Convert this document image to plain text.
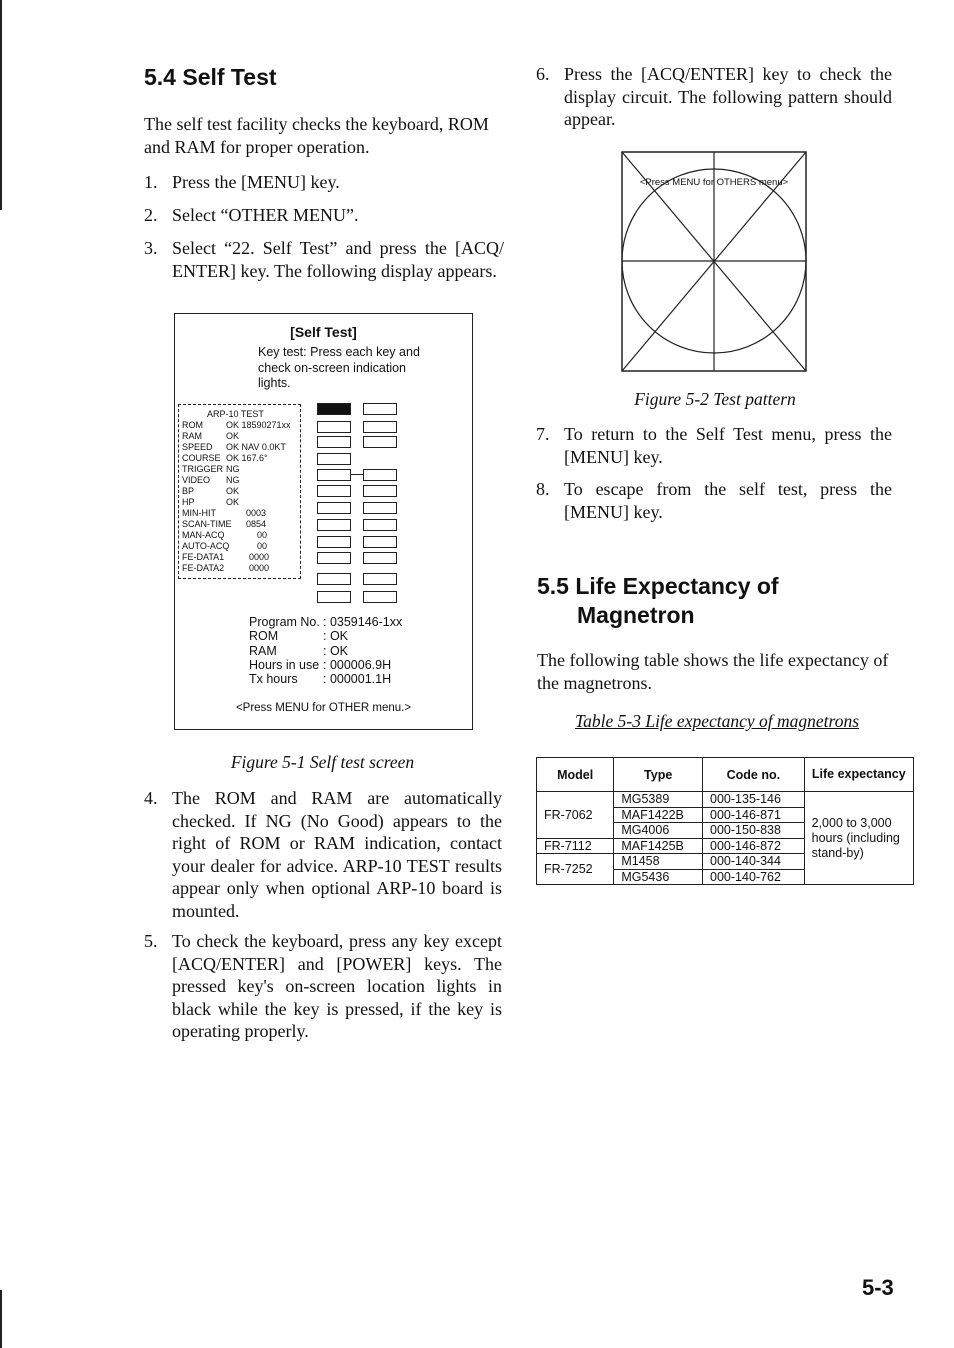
5.4 Self Test
The self test facility checks the keyboard, ROM and RAM for proper operation.
1. Press the [MENU] key.
2. Select “OTHER MENU”.
3. Select “22. Self Test” and press the [ACQ/ ENTER] key. The following display appears.
[Self Test]
Key test: Press each key and
check on-screen indication
lights.
ARP-10 TEST
ROM	OK 18590271xx
RAM	OK
SPEED	OK NAV 0.0KT
COURSE OK 167.6°
TRIGGER NG
VIDEO	NG
BP	OK
HP	OK
MIN-HIT	0003
SCAN-TIME	0854
MAN-ACQ	00
AUTO-ACQ	00
FE-DATA1	0000
FE-DATA2	0000
Program No. : 0359146-1xx
ROM	: OK
RAM	: OK
Hours in use : 000006.9H
Tx hours	: 000001.1H
<Press MENU for OTHER menu.>
Figure 5-1 Self test screen
4. The ROM and RAM are automatically checked. If NG (No Good) appears to the right of ROM or RAM indication, contact your dealer for advice. ARP-10 TEST results appear only when optional ARP-10 board is mounted.
5. To check the keyboard, press any key except [ACQ/ENTER] and [POWER] keys. The pressed key's on-screen location lights in black while the key is pressed, if the key is operating properly.
6. Press the [ACQ/ENTER] key to check the display circuit. The following pattern should appear.
<Press MENU for OTHERS menu>
Figure 5-2 Test pattern
7. To return to the Self Test menu, press the [MENU] key.
8. To escape from the self test, press the [MENU] key.
5.5 Life Expectancy of
Magnetron
The following table shows the life expectancy of the magnetrons.
Table 5-3 Life expectancy of magnetrons
Model	Type	Code no.	Life expectancy
FR-7062	MG5389	000-135-146	2,000 to 3,000 hours (including stand-by)
	MAF1422B	000-146-871	
	MG4006	000-150-838	
FR-7112	MAF1425B	000-146-872	
FR-7252	M1458	000-140-344	
	MG5436	000-140-762	
5-3
